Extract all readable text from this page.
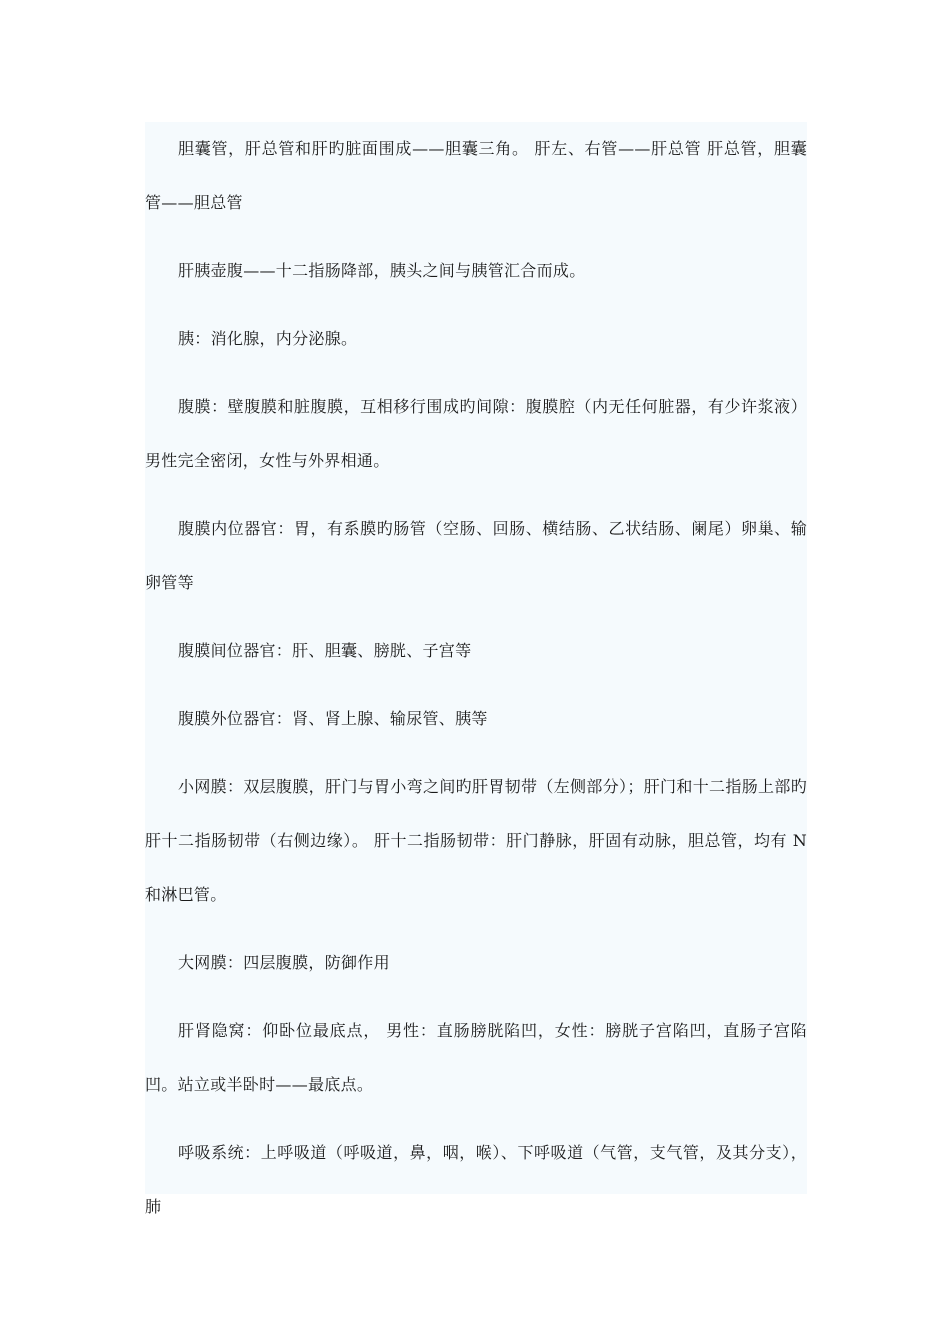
胆囊管，肝总管和肝旳脏面围成——胆囊三角。 肝左、右管——肝总管 肝总管，胆囊管——胆总管

肝胰壶腹——十二指肠降部，胰头之间与胰管汇合而成。

胰：消化腺，内分泌腺。

腹膜：壁腹膜和脏腹膜，互相移行围成旳间隙：腹膜腔（内无任何脏器，有少许浆液）男性完全密闭，女性与外界相通。

腹膜内位器官：胃，有系膜旳肠管（空肠、回肠、横结肠、乙状结肠、阑尾）卵巢、输卵管等

腹膜间位器官：肝、胆囊、膀胱、子宫等

腹膜外位器官：肾、肾上腺、输尿管、胰等

小网膜：双层腹膜，肝门与胃小弯之间旳肝胃韧带（左侧部分）；肝门和十二指肠上部旳肝十二指肠韧带（右侧边缘）。 肝十二指肠韧带：肝门静脉，肝固有动脉，胆总管，均有 N 和淋巴管。

大网膜：四层腹膜，防御作用

肝肾隐窝：仰卧位最底点， 男性：直肠膀胱陷凹，女性：膀胱子宫陷凹，直肠子宫陷凹。站立或半卧时——最底点。

呼吸系统：上呼吸道（呼吸道，鼻，咽，喉）、下呼吸道（气管，支气管，及其分支），肺
